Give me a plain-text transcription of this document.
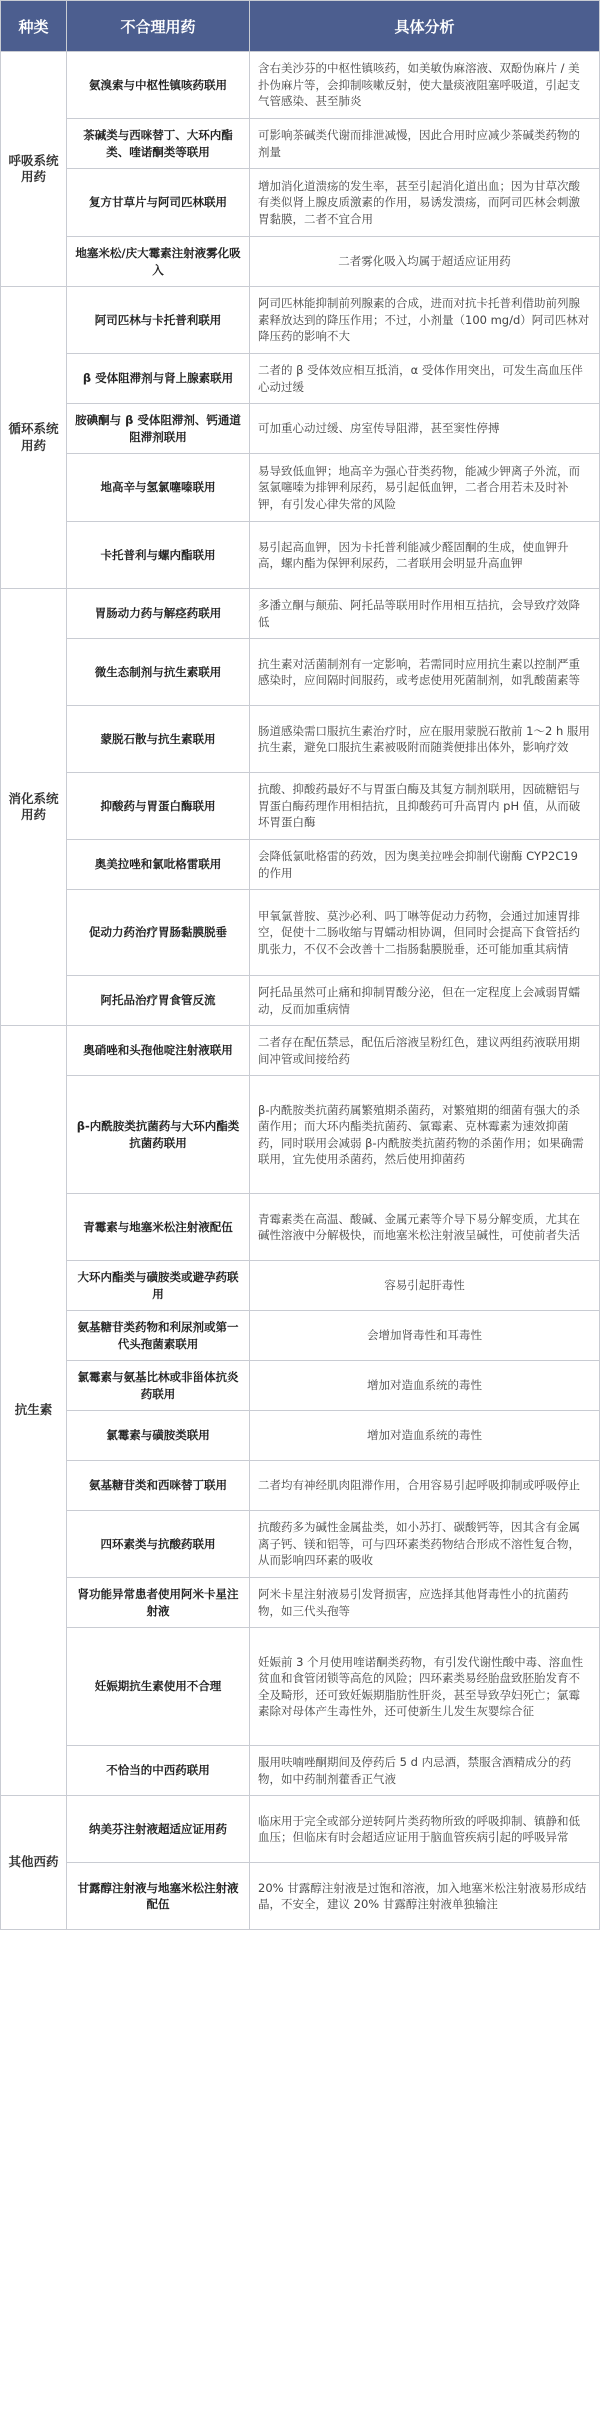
种类	不合理用药	具体分析
呼吸系统用药	氨溴索与中枢性镇咳药联用	含右美沙芬的中枢性镇咳药，如美敏伪麻溶液、双酚伪麻片 / 美扑伪麻片等，会抑制咳嗽反射，使大量痰液阻塞呼吸道，引起支气管感染、甚至肺炎
	茶碱类与西咪替丁、大环内酯类、喹诺酮类等联用	可影响茶碱类代谢而排泄减慢，因此合用时应减少茶碱类药物的剂量
	复方甘草片与阿司匹林联用	增加消化道溃疡的发生率，甚至引起消化道出血；因为甘草次酸有类似肾上腺皮质激素的作用，易诱发溃疡，而阿司匹林会刺激胃黏膜，二者不宜合用
	地塞米松/庆大霉素注射液雾化吸入	二者雾化吸入均属于超适应证用药
循环系统用药	阿司匹林与卡托普利联用	阿司匹林能抑制前列腺素的合成，进而对抗卡托普利借助前列腺素释放达到的降压作用；不过，小剂量（100 mg/d）阿司匹林对降压药的影响不大
	β 受体阻滞剂与肾上腺素联用	二者的 β 受体效应相互抵消，α 受体作用突出，可发生高血压伴心动过缓
	胺碘酮与 β 受体阻滞剂、钙通道阻滞剂联用	可加重心动过缓、房室传导阻滞，甚至窦性停搏
	地高辛与氢氯噻嗪联用	易导致低血钾；地高辛为强心苷类药物，能减少钾离子外流，而氢氯噻嗪为排钾利尿药，易引起低血钾，二者合用若未及时补钾，有引发心律失常的风险
	卡托普利与螺内酯联用	易引起高血钾，因为卡托普利能减少醛固酮的生成，使血钾升高，螺内酯为保钾利尿药，二者联用会明显升高血钾
消化系统用药	胃肠动力药与解痉药联用	多潘立酮与颠茄、阿托品等联用时作用相互拮抗，会导致疗效降低
	微生态制剂与抗生素联用	抗生素对活菌制剂有一定影响，若需同时应用抗生素以控制严重感染时，应间隔时间服药，或考虑使用死菌制剂，如乳酸菌素等
	蒙脱石散与抗生素联用	肠道感染需口服抗生素治疗时，应在服用蒙脱石散前 1～2 h 服用抗生素，避免口服抗生素被吸附而随粪便排出体外，影响疗效
	抑酸药与胃蛋白酶联用	抗酸、抑酸药最好不与胃蛋白酶及其复方制剂联用，因硫糖铝与胃蛋白酶药理作用相拮抗，且抑酸药可升高胃内 pH 值，从而破坏胃蛋白酶
	奥美拉唑和氯吡格雷联用	会降低氯吡格雷的药效，因为奥美拉唑会抑制代谢酶 CYP2C19 的作用
	促动力药治疗胃肠黏膜脱垂	甲氧氯普胺、莫沙必利、吗丁啉等促动力药物，会通过加速胃排空，促使十二肠收缩与胃蠕动相协调，但同时会提高下食管括约肌张力，不仅不会改善十二指肠黏膜脱垂，还可能加重其病情
	阿托品治疗胃食管反流	阿托品虽然可止痛和抑制胃酸分泌，但在一定程度上会减弱胃蠕动，反而加重病情
抗生素	奥硝唑和头孢他啶注射液联用	二者存在配伍禁忌，配伍后溶液呈粉红色，建议两组药液联用期间冲管或间接给药
	β-内酰胺类抗菌药与大环内酯类抗菌药联用	β-内酰胺类抗菌药属繁殖期杀菌药，对繁殖期的细菌有强大的杀菌作用；而大环内酯类抗菌药、氯霉素、克林霉素为速效抑菌药，同时联用会减弱 β-内酰胺类抗菌药物的杀菌作用；如果确需联用，宜先使用杀菌药，然后使用抑菌药
	青霉素与地塞米松注射液配伍	青霉素类在高温、酸碱、金属元素等介导下易分解变质，尤其在碱性溶液中分解极快，而地塞米松注射液呈碱性，可使前者失活
	大环内酯类与磺胺类或避孕药联用	容易引起肝毒性
	氨基糖苷类药物和利尿剂或第一代头孢菌素联用	会增加肾毒性和耳毒性
	氯霉素与氨基比林或非甾体抗炎药联用	增加对造血系统的毒性
	氯霉素与磺胺类联用	增加对造血系统的毒性
	氨基糖苷类和西咪替丁联用	二者均有神经肌肉阻滞作用，合用容易引起呼吸抑制或呼吸停止
	四环素类与抗酸药联用	抗酸药多为碱性金属盐类，如小苏打、碳酸钙等，因其含有金属离子钙、镁和铝等，可与四环素类药物结合形成不溶性复合物，从而影响四环素的吸收
	肾功能异常患者使用阿米卡星注射液	阿米卡星注射液易引发肾损害，应选择其他肾毒性小的抗菌药物，如三代头孢等
	妊娠期抗生素使用不合理	妊娠前 3 个月使用喹诺酮类药物，有引发代谢性酸中毒、溶血性贫血和食管闭锁等高危的风险；四环素类易经胎盘致胚胎发育不全及畸形，还可致妊娠期脂肪性肝炎，甚至导致孕妇死亡；氯霉素除对母体产生毒性外，还可使新生儿发生灰婴综合征
	不恰当的中西药联用	服用呋喃唑酮期间及停药后 5 d 内忌酒，禁服含酒精成分的药物，如中药制剂藿香正气液
其他西药	纳美芬注射液超适应证用药	临床用于完全或部分逆转阿片类药物所致的呼吸抑制、镇静和低血压；但临床有时会超适应证用于脑血管疾病引起的呼吸异常
	甘露醇注射液与地塞米松注射液配伍	20% 甘露醇注射液是过饱和溶液，加入地塞米松注射液易形成结晶，不安全，建议 20% 甘露醇注射液单独输注
